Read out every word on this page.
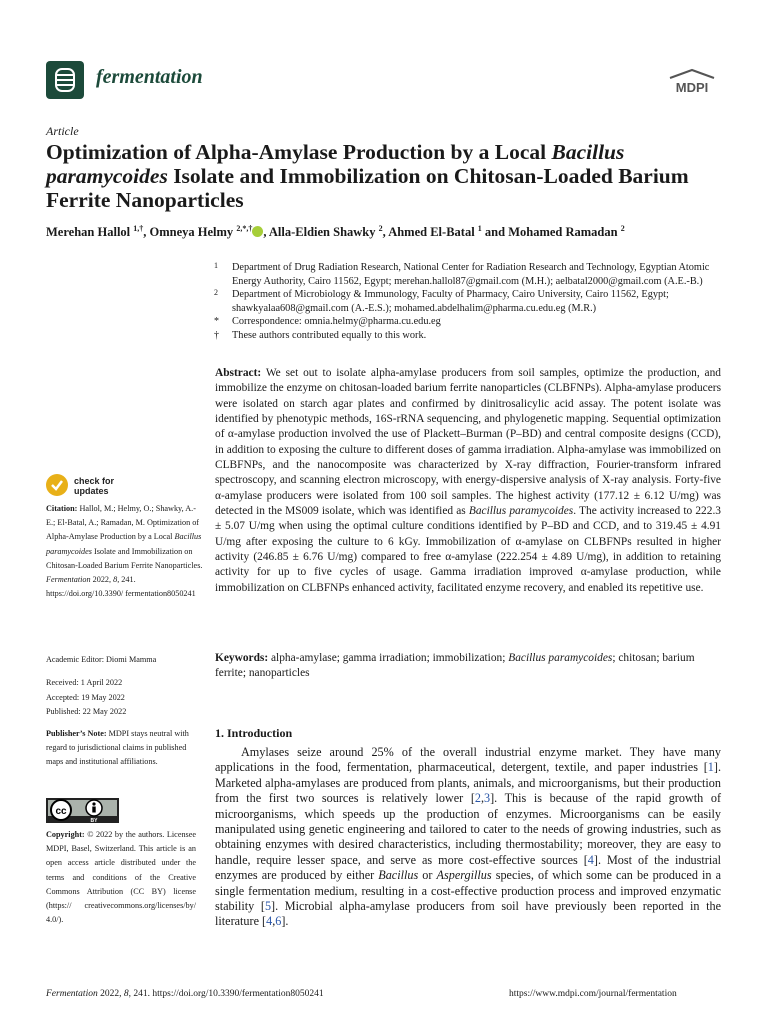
fermentation	MDPI
Article
Optimization of Alpha-Amylase Production by a Local Bacillus paramycoides Isolate and Immobilization on Chitosan-Loaded Barium Ferrite Nanoparticles
Merehan Hallol $^{1,\dagger}$, Omneya Helmy $^{2,*,\dagger}$ , Alla-Eldien Shawky $^2$, Ahmed El-Batal $^1$ and Mohamed Ramadan $^2$
1 Department of Drug Radiation Research, National Center for Radiation Research and Technology, Egyptian Atomic Energy Authority, Cairo 11562, Egypt; merehan.hallol87@gmail.com (M.H.); aelbatal2000@gmail.com (A.E.-B.)
2 Department of Microbiology & Immunology, Faculty of Pharmacy, Cairo University, Cairo 11562, Egypt; shawkyalaa608@gmail.com (A.-E.S.); mohamed.abdelhalim@pharma.cu.edu.eg (M.R.)
* Correspondence: omnia.helmy@pharma.cu.edu.eg
† These authors contributed equally to this work.
Abstract: We set out to isolate alpha-amylase producers from soil samples, optimize the production, and immobilize the enzyme on chitosan-loaded barium ferrite nanoparticles (CLBFNPs). Alpha-amylase producers were isolated on starch agar plates and confirmed by dinitrosalicylic acid assay. The potent isolate was identified by phenotypic methods, 16S-rRNA sequencing, and phylogenetic mapping. Sequential optimization of α-amylase production involved the use of Plackett–Burman (P–BD) and central composite designs (CCD), in addition to exposing the culture to different doses of gamma irradiation. Alpha-amylase was immobilized on CLBFNPs, and the nanocomposite was characterized by X-ray diffraction, Fourier-transform infrared spectroscopy, and scanning electron microscopy, with energy-dispersive analysis of X-ray analysis. Forty-five α-amylase producers were isolated from 100 soil samples. The highest activity (177.12 ± 6.12 U/mg) was detected in the MS009 isolate, which was identified as Bacillus paramycoides. The activity increased to 222.3 ± 5.07 U/mg when using the optimal culture conditions identified by P–BD and CCD, and to 319.45 ± 4.91 U/mg after exposing the culture to 6 kGy. Immobilization of α-amylase on CLBFNPs resulted in higher activity (246.85 ± 6.76 U/mg) compared to free α-amylase (222.254 ± 4.89 U/mg), in addition to retaining activity for up to five cycles of usage. Gamma irradiation improved α-amylase production, while immobilization on CLBFNPs enhanced activity, facilitated enzyme recovery, and enabled its repetitive use.
Keywords: alpha-amylase; gamma irradiation; immobilization; Bacillus paramycoides; chitosan; barium ferrite; nanoparticles
check for
updates
Citation: Hallol, M.; Helmy, O.; Shawky, A.-E.; El-Batal, A.; Ramadan, M. Optimization of Alpha-Amylase Production by a Local Bacillus paramycoides Isolate and Immobilization on Chitosan-Loaded Barium Ferrite Nanoparticles. Fermentation 2022, 8, 241. https://doi.org/10.3390/ fermentation8050241
Academic Editor: Diomi Mamma
Received: 1 April 2022
Accepted: 19 May 2022
Published: 22 May 2022
Publisher’s Note: MDPI stays neutral with regard to jurisdictional claims in published maps and institutional affiliations.
cc
BY
Copyright: © 2022 by the authors. Licensee MDPI, Basel, Switzerland. This article is an open access article distributed under the terms and conditions of the Creative Commons Attribution (CC BY) license (https:// creativecommons.org/licenses/by/ 4.0/).
1. Introduction
Amylases seize around 25% of the overall industrial enzyme market. They have many applications in the food, fermentation, pharmaceutical, detergent, textile, and paper industries [1]. Marketed alpha-amylases are produced from plants, animals, and microorganisms, but their production from the first two sources is relatively lower [2,3]. This is because of the rapid growth of microorganisms, which speeds up the production of enzymes. Microorganisms can be easily manipulated using genetic engineering and tailored to cater to the needs of growing industries, such as obtaining enzymes with desired characteristics, including thermostability; moreover, they are easy to handle, require lesser space, and serve as more cost-effective sources [4]. Most of the industrial enzymes are produced by either Bacillus or Aspergillus species, of which some can be produced in a single fermentation medium, resulting in a cost-effective production process and improved enzymatic stability [5]. Microbial alpha-amylase producers from soil have previously been reported in the literature [4,6].
Fermentation 2022, 8, 241. https://doi.org/10.3390/fermentation8050241	https://www.mdpi.com/journal/fermentation
